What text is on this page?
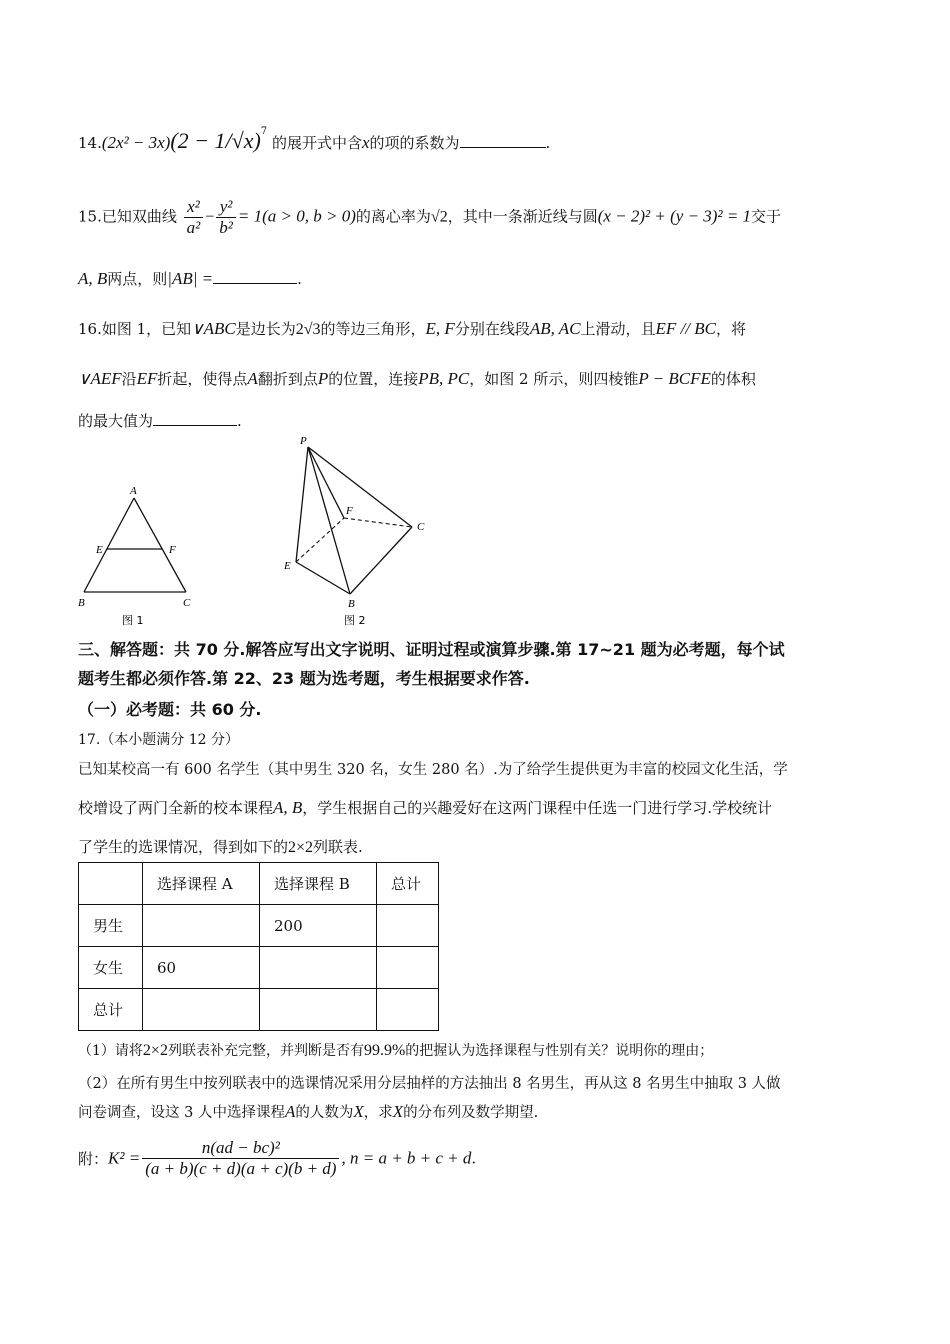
$14.(2x^2 - 3x)(2 - 1/√x)^7$ 的展开式中含x的项的系数为	.
15.已知双曲线 $\frac{\text{x²}}{\text{a²}} - \frac{\text{y²}}{\text{b²}} = 1(a > 0$, b > 0)的离心率为√2，其中一条渐近线与圆(x − 2)² + (y − 3)² = 1交于
A, B两点，则|AB| =	.
16.如图 1，已知∨ABC是边长为2√3的等边三角形，E, F分别在线段AB, AC上滑动，且EF // BC，将
∨AEF沿EF折起，使得点A翻折到点P的位置，连接PB, PC，如图 2 所示，则四棱锥P − BCFE的体积
的最大值为	.
A
E	F
B	C
图 1
P
F
C
E
B
图 2
三、解答题：共 70 分.解答应写出文字说明、证明过程或演算步骤.第 17~21 题为必考题，每个试
题考生都必须作答.第 22、23 题为选考题，考生根据要求作答.
（一）必考题：共 60 分.
17.（本小题满分 12 分）
已知某校高一有 600 名学生（其中男生 320 名，女生 280 名）.为了给学生提供更为丰富的校园文化生活，学
校增设了两门全新的校本课程A, B，学生根据自己的兴趣爱好在这两门课程中任选一门进行学习.学校统计
了学生的选课情况，得到如下的2×2列联表.
	选择课程 A	选择课程 B	总计
男生		200	
女生	60		
总计			
（1）请将2×2列联表补充完整，并判断是否有99.9%的把握认为选择课程与性别有关？说明你的理由；
（2）在所有男生中按列联表中的选课情况采用分层抽样的方法抽出 8 名男生，再从这 8 名男生中抽取 3 人做
问卷调查，设这 3 人中选择课程A的人数为X，求X的分布列及数学期望.
附：$K^2 = \frac{\text{n(ad − bc)²}}{(a + b)(c + d)(a + c)(b + d)}$ , n = a + b + c + d.
